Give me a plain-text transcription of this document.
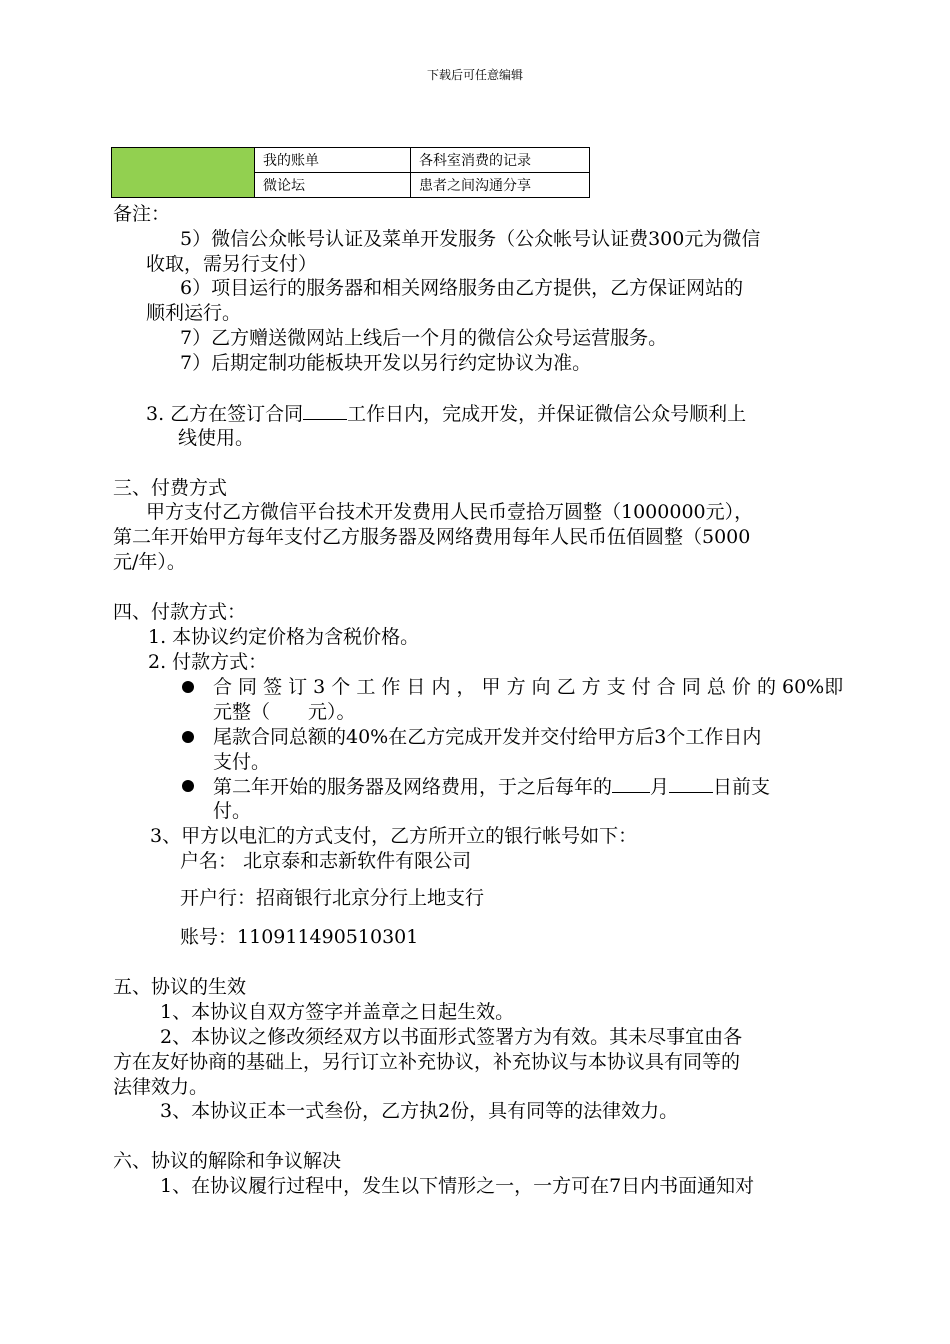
下载后可任意编辑
	我的账单	各科室消费的记录
	微论坛	患者之间沟通分享
备注：
5）微信公众帐号认证及菜单开发服务（公众帐号认证费300元为微信
收取，需另行支付）
6）项目运行的服务器和相关网络服务由乙方提供，乙方保证网站的
顺利运行。
7）乙方赠送微网站上线后一个月的微信公众号运营服务。
7）后期定制功能板块开发以另行约定协议为准。
3. 乙方在签订合同 工作日内，完成开发，并保证微信公众号顺利上
线使用。
三、付费方式
甲方支付乙方微信平台技术开发费用人民币壹拾万圆整（1000000元），
第二年开始甲方每年支付乙方服务器及网络费用每年人民币伍佰圆整（5000
元/年）。
四、付款方式：
1. 本协议约定价格为含税价格。
2. 付款方式：
合 同 签 订 3 个 工 作 日 内 ， 甲 方 向 乙 方 支 付 合 同 总 价 的 60%即
元整（　　元）。
尾款合同总额的40%在乙方完成开发并交付给甲方后3个工作日内
支付。
第二年开始的服务器及网络费用，于之后每年的 月 日前支
付。
3、甲方以电汇的方式支付，乙方所开立的银行帐号如下：
户名： 北京泰和志新软件有限公司
开户行：招商银行北京分行上地支行
账号：110911490510301
五、协议的生效
1、本协议自双方签字并盖章之日起生效。
2、本协议之修改须经双方以书面形式签署方为有效。其未尽事宜由各
方在友好协商的基础上，另行订立补充协议，补充协议与本协议具有同等的
法律效力。
3、本协议正本一式叁份，乙方执2份，具有同等的法律效力。
六、协议的解除和争议解决
1、在协议履行过程中，发生以下情形之一，一方可在7日内书面通知对
